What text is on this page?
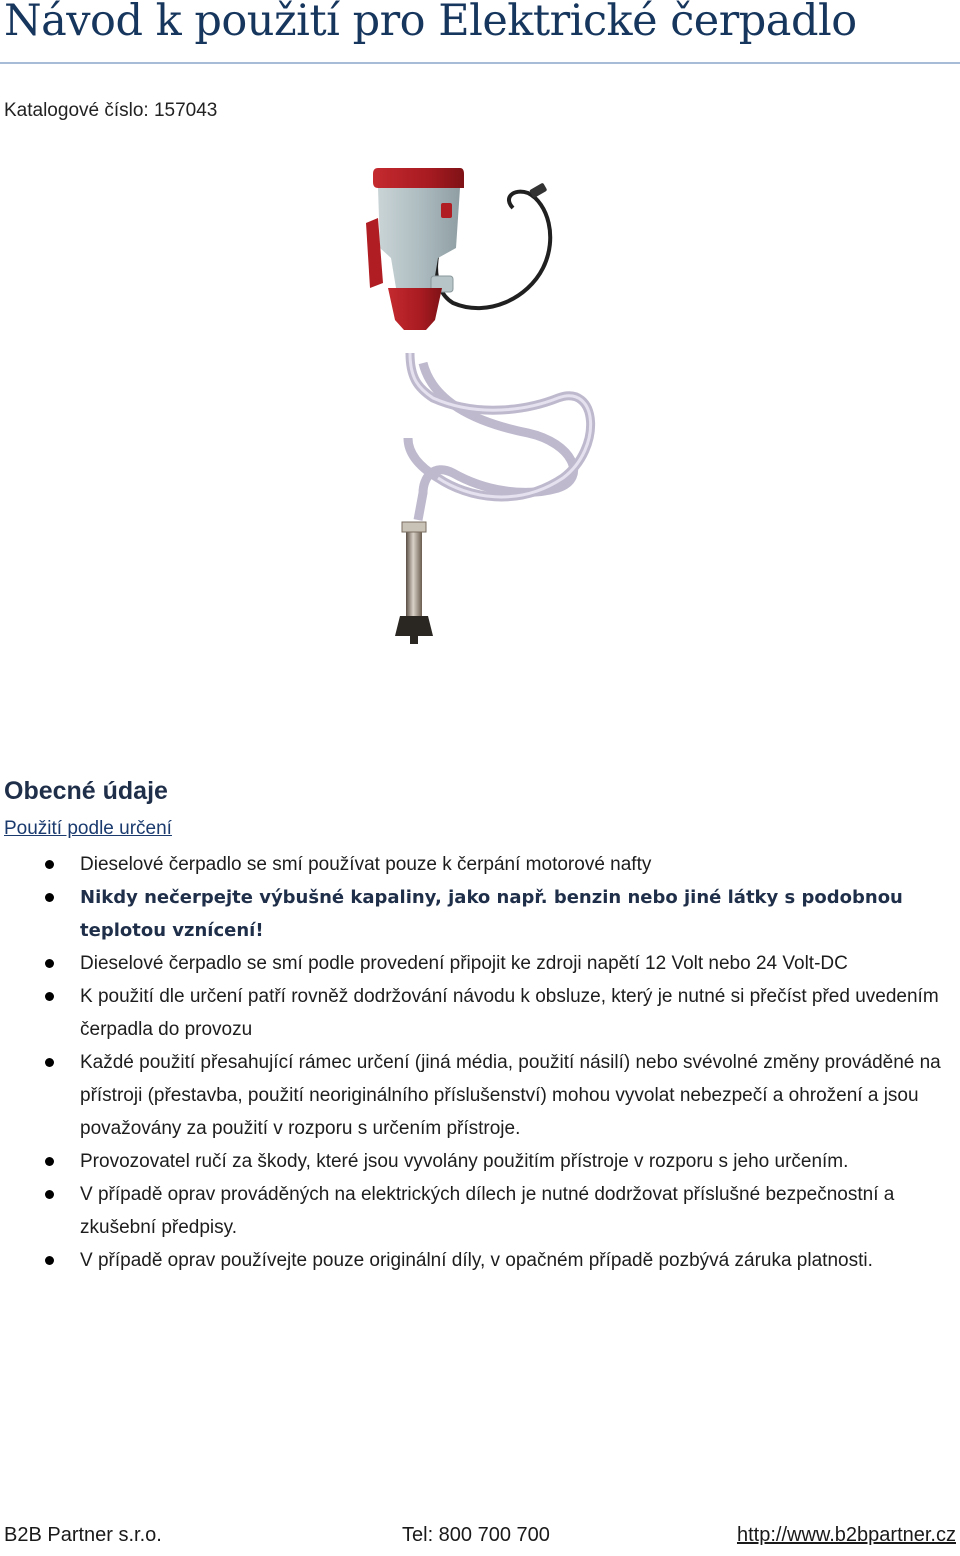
Návod k použití pro Elektrické čerpadlo
Katalogové číslo: 157043
Obecné údaje
Použití podle určení
Dieselové čerpadlo se smí používat pouze k čerpání motorové nafty
Nikdy nečerpejte výbušné kapaliny, jako např. benzin nebo jiné látky s podobnou teplotou vznícení!
Dieselové čerpadlo se smí podle provedení připojit ke zdroji napětí 12 Volt nebo 24 Volt-DC
K použití dle určení patří rovněž dodržování návodu k obsluze, který je nutné si přečíst před uvedením čerpadla do provozu
Každé použití přesahující rámec určení (jiná média, použití násilí) nebo svévolné změny prováděné na přístroji (přestavba, použití neoriginálního příslušenství) mohou vyvolat nebezpečí a ohrožení a jsou považovány za použití v rozporu s určením přístroje.
Provozovatel ručí za škody, které jsou vyvolány použitím přístroje v rozporu s jeho určením.
V případě oprav prováděných na elektrických dílech je nutné dodržovat příslušné bezpečnostní a zkušební předpisy.
V případě oprav používejte pouze originální díly, v opačném případě pozbývá záruka platnosti.
B2B Partner s.r.o.	Tel: 800 700 700	http://www.b2bpartner.cz
